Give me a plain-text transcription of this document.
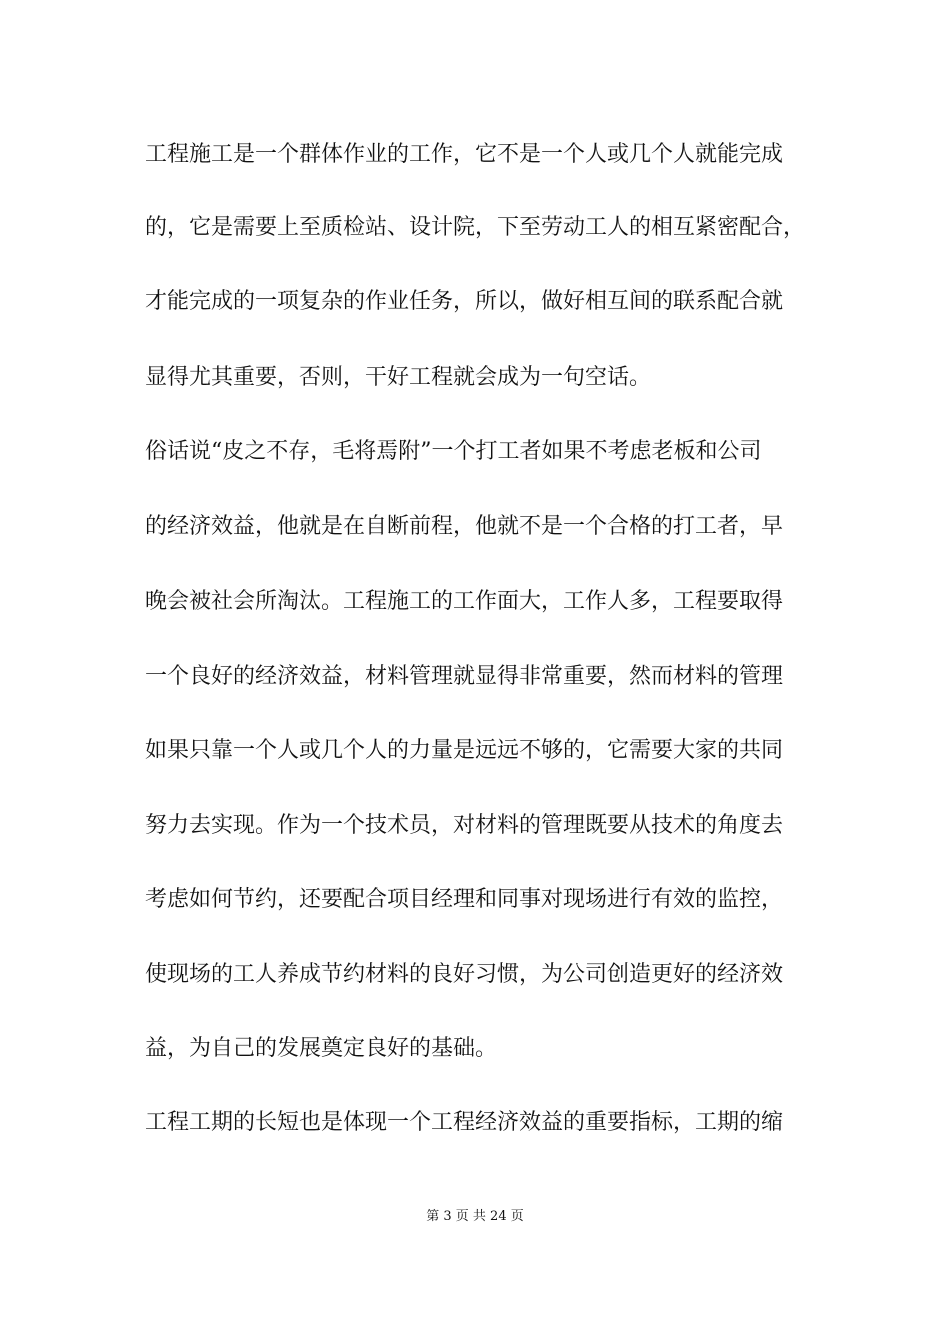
工程施工是一个群体作业的工作，它不是一个人或几个人就能完成
的，它是需要上至质检站、设计院，下至劳动工人的相互紧密配合，
才能完成的一项复杂的作业任务，所以，做好相互间的联系配合就
显得尤其重要，否则，干好工程就会成为一句空话。
俗话说“皮之不存，毛将焉附”一个打工者如果不考虑老板和公司
的经济效益，他就是在自断前程，他就不是一个合格的打工者，早
晚会被社会所淘汰。工程施工的工作面大，工作人多，工程要取得
一个良好的经济效益，材料管理就显得非常重要，然而材料的管理
如果只靠一个人或几个人的力量是远远不够的，它需要大家的共同
努力去实现。作为一个技术员，对材料的管理既要从技术的角度去
考虑如何节约，还要配合项目经理和同事对现场进行有效的监控，
使现场的工人养成节约材料的良好习惯，为公司创造更好的经济效
益，为自己的发展奠定良好的基础。
工程工期的长短也是体现一个工程经济效益的重要指标，工期的缩
第 3 页 共 24 页
